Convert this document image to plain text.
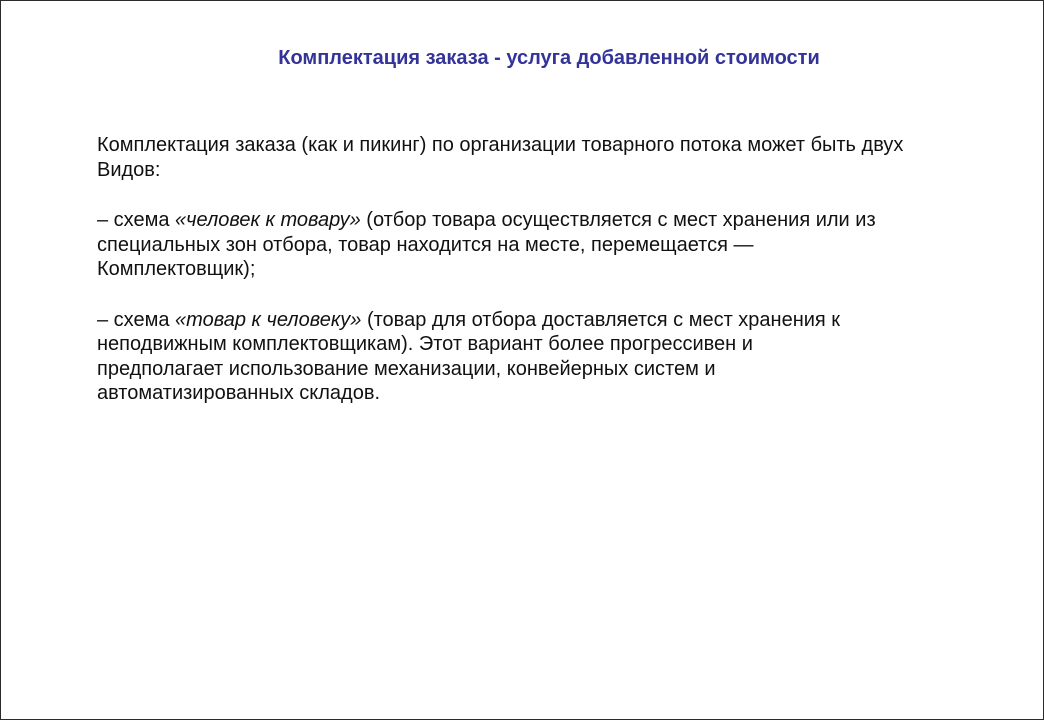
Комплектация заказа - услуга добавленной стоимости

Комплектация заказа (как и пикинг) по организации товарного потока может быть двух
Видов:

– схема «человек к товару» (отбор товара осуществляется с мест хранения или из
специальных зон отбора, товар находится на месте, перемещается —
Комплектовщик);

– схема «товар к человеку» (товар для отбора доставляется с мест хранения к
неподвижным комплектовщикам). Этот вариант более прогрессивен и
предполагает использование механизации, конвейерных систем и
автоматизированных складов.
